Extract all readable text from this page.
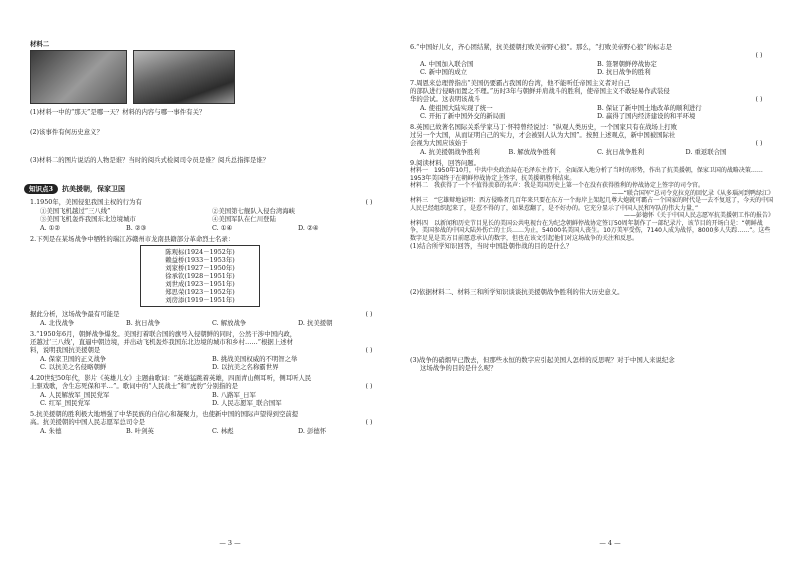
材料二
(1)材料一中的“那天”是哪一天？材料的内容与哪一事件有关？
(2)该事件有何历史意义？
(3)材料二的图片说话的人物是谁？当时的阅兵式检阅司令员是谁？阅兵总指挥是谁？
知识点3	抗美援朝，保家卫国
1.1950年，美国侵犯我国主权的行为有	( )
①美国飞机越过“三八线”	②美国第七舰队入侵台湾海峡
③美国飞机轰炸我国东北边境城市	④美国军队在仁川登陆
A. ①②	B. ②③	C. ①④	D. ②④
2.下列是在某场战争中牺牲的瑞江苏赣州市龙南县籍部分革命烈士名录：
陈观标(1924－1952年)
赖益桥(1933－1953年)
刘家桥(1927－1950年)
徐承钦(1928－1951年)
刘世成(1923－1951年)
郑思荣(1923－1952年)
刘房添(1919－1951年)
据此分析，这场战争最有可能是	( )
A. 北伐战争	B. 抗日战争	C. 解放战争	D. 抗美援朝
3.“1950年6月，朝鲜战争爆发。美国打着联合国的旗号入侵朝鲜的同时，公然干涉中国内政，
还越过‘三八线’，直逼中朝边境，并出动飞机轰炸我国东北边境的城市和乡村……”根据上述材
料，说明我国抗美援朝是	( )
A. 保家卫国的正义战争	B. 挑战美国权威的不明智之举
C. 以抗美之名侵略朝鲜	D. 以抗美之名称霸世界
4.20世纪50年代，影片《英雄儿女》主题曲歌词：“英雄猛跳着英雄，四面青山侧耳听，侧耳听人民
上驱戏歌，舍生忘死保和平…”。歌词中的“人民战士”和“虎豹”分别指的是	( )
A. 人民解放军_国民党军	B. 八路军_日军
C. 红军_国民党军	D. 人民志愿军_联合国军
5.抗美援朝的胜利极大地增强了中华民族的自信心和凝聚力，也使新中国的国际声望得到空前提
高。抗美援朝的中国人民志愿军总司令是	( )
A. 朱德	B. 叶剑英	C. 林彪	D. 彭德怀
— 3 —
6.“中国好儿女，齐心团结紧，抗美援朝打败美帝野心狼”。那么，“打败美帝野心狼”的标志是
( )

A. 中国加入联合国	B. 签署朝鲜停战协定
C. 新中国的成立	D. 抗日战争的胜利
7.周恩来总理曾指出“美国仍要霸占我国的台湾，他不能听任帝国主义者对自己
的部队进行侵略而置之不理。”历时3年与朝鲜并肩战斗的胜利，使帝国主义不敢轻易作武装侵
华的尝试。这表明该战斗	( )
A. 使祖国大陆实现了统一	B. 保证了新中国土地改革的顺利进行
C. 开拓了新中国外交的新局面	D. 赢得了国内经济建设的和平环境
8.英国已故著名国际关系学家马丁·怀特曾经说过：“纵观人类历史，一个国家只有在战场上打败
过另一个大国，从而证明自己的实力，才会被别人认为大国”。按照上述观点，新中国被国际社
会视为大国应该始于	( )
A. 抗美援朝战争胜利	B. 解放战争胜利	C. 抗日战争胜利	D. 重返联合国
9.阅读材料，回答问题。
材料一　1950年10月，中共中央政治局在毛泽东主持下，全面深入地分析了当时的形势，作出了抗美援朝，保家卫国的战略决策……1953年美国终于在朝鲜停战协定上签字，抗美援朝胜利结束。
材料二　我获得了一个不值得羡慕的名声：我是美国历史上第一个在没有获得胜利的停战协定上签字的司令官。
——“联合国军”总司令克拉克的回忆录《从多瑙河到鸭绿江》
材料三　“它雄辩地证明：西方侵略者几百年来只要在东方一个海岸上架起几尊大炮就可霸占一个国家的时代是一去不复返了，今天的中国人民已经组织起来了，是惹不得的了，如果惹翻了，是不好办的。它充分显示了中国人民和军队的伟大力量，”
——彭德怀《关于中国人民志愿军抗美援朝工作的报告》
材料四　以新闻和历史节目见长的美国公共电视台在为纪念朝鲜停战协定签订50周年制作了一部纪录片，该节目的开场白是：“朝鲜战争，美国参战的中国大陆外伤亡的士兵……为止，54000名美国人丧生。10万美军受伤，7140人成为战俘，8000多人失踪……”。这些数字足见是美方目前愿意承认的数字，但也在该文引起他们对这场战争的关注和反思。
(1)结合所学知识回答，当时中国赴朝作战的目的是什么？
(2)依据材料二、材料三和所学知识谈谈抗美援朝战争胜利的伟大历史意义。
(3)战争的硝烟早已散去，但那些永恒的数字应引起美国人怎样的反思呢？对于中国人来说纪念
这场战争的目的是什么呢？
— 4 —
